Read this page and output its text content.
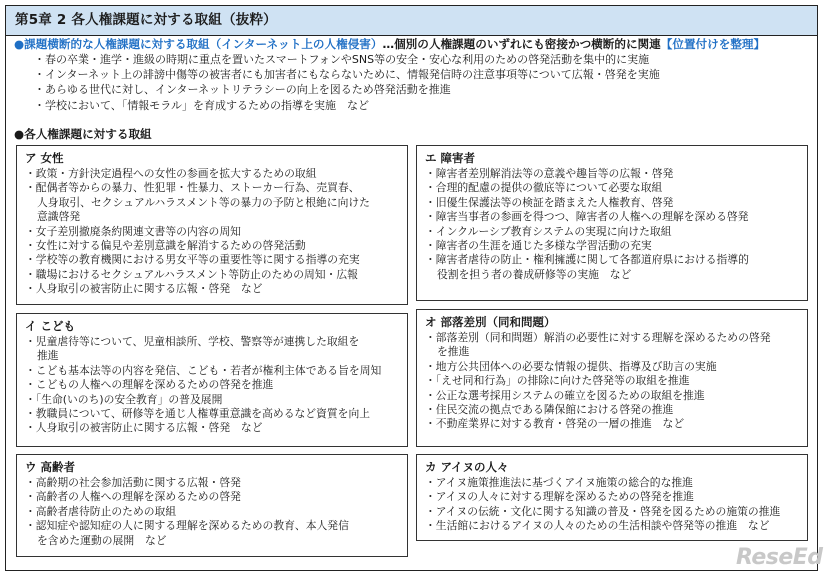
第5章 2 各人権課題に対する取組（抜粋）
●課題横断的な人権課題に対する取組（インターネット上の人権侵害）…個別の人権課題のいずれにも密接かつ横断的に関連【位置付けを整理】
・春の卒業・進学・進級の時期に重点を置いたスマートフォンやSNS等の安全・安心な利用のための啓発活動を集中的に実施
・インターネット上の誹謗中傷等の被害者にも加害者にもならないために、情報発信時の注意事項等について広報・啓発を実施
・あらゆる世代に対し、インターネットリテラシーの向上を図るため啓発活動を推進
・学校において、「情報モラル」を育成するための指導を実施　など
●各人権課題に対する取組
ア 女性
・政策・方針決定過程への女性の参画を拡大するための取組
・配偶者等からの暴力、性犯罪・性暴力、ストーカー行為、売買春、
人身取引、セクシュアルハラスメント等の暴力の予防と根絶に向けた
意識啓発
・女子差別撤廃条約関連文書等の内容の周知
・女性に対する偏見や差別意識を解消するための啓発活動
・学校等の教育機関における男女平等の重要性等に関する指導の充実
・職場におけるセクシュアルハラスメント等防止のための周知・広報
・人身取引の被害防止に関する広報・啓発　など
イ こども
・児童虐待等について、児童相談所、学校、警察等が連携した取組を
推進
・こども基本法等の内容を発信、こども・若者が権利主体である旨を周知
・こどもの人権への理解を深めるための啓発を推進
・「生命(いのち)の安全教育」の普及展開
・教職員について、研修等を通じ人権尊重意識を高めるなど資質を向上
・人身取引の被害防止に関する広報・啓発　など
ウ 高齢者
・高齢期の社会参加活動に関する広報・啓発
・高齢者の人権への理解を深めるための啓発
・高齢者虐待防止のための取組
・認知症や認知症の人に関する理解を深めるための教育、本人発信
を含めた運動の展開　など
エ 障害者
・障害者差別解消法等の意義や趣旨等の広報・啓発
・合理的配慮の提供の徹底等について必要な取組
・旧優生保護法等の検証を踏まえた人権教育、啓発
・障害当事者の参画を得つつ、障害者の人権への理解を深める啓発
・インクルーシブ教育システムの実現に向けた取組
・障害者の生涯を通じた多様な学習活動の充実
・障害者虐待の防止・権利擁護に関して各都道府県における指導的
役割を担う者の養成研修等の実施　など
オ 部落差別（同和問題）
・部落差別（同和問題）解消の必要性に対する理解を深めるための啓発
を推進
・地方公共団体への必要な情報の提供、指導及び助言の実施
・「えせ同和行為」の排除に向けた啓発等の取組を推進
・公正な選考採用システムの確立を図るための取組を推進
・住民交流の拠点である隣保館における啓発の推進
・不動産業界に対する教育・啓発の一層の推進　など
カ アイヌの人々
・アイヌ施策推進法に基づくアイヌ施策の総合的な推進
・アイヌの人々に対する理解を深めるための啓発を推進
・アイヌの伝統・文化に関する知識の普及・啓発を図るための施策の推進
・生活館におけるアイヌの人々のための生活相談や啓発等の推進　など
ReseEd
